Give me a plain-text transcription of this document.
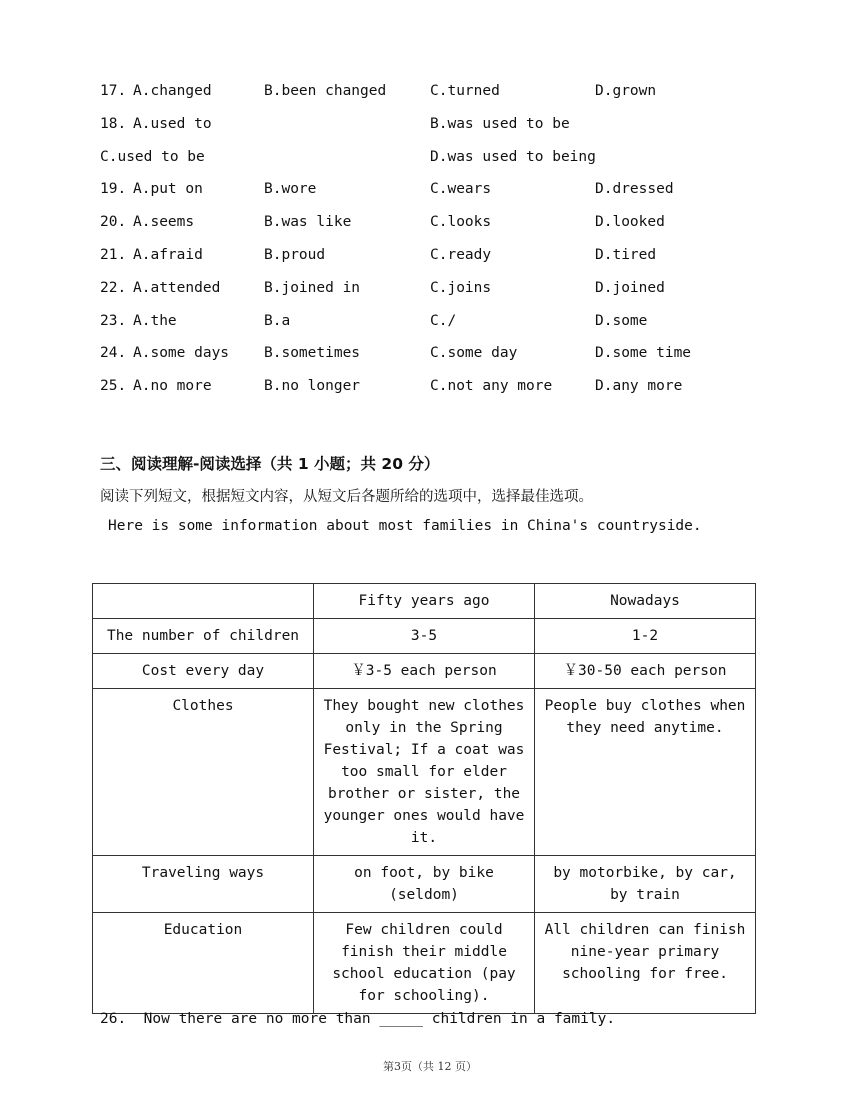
17. A.changed	B.been changed	C.turned	D.grown
18. A.used to	B.was used to be
C.used to be	D.was used to being
19. A.put on	B.wore	C.wears	D.dressed
20. A.seems	B.was like	C.looks	D.looked
21. A.afraid	B.proud	C.ready	D.tired
22. A.attended	B.joined in	C.joins	D.joined
23. A.the	B.a	C./	D.some
24. A.some days B.sometimes	C.some day	D.some time
25. A.no more	B.no longer	C.not any more	D.any more
三、阅读理解-阅读选择（共 1 小题；共 20 分）
阅读下列短文，根据短文内容，从短文后各题所给的选项中，选择最佳选项。
Here is some information about most families in China's countryside.
	Fifty years ago	Nowadays
The number of children	3-5	1-2
Cost every day	￥3-5 each person	￥30-50 each person
Clothes	They bought new clothes only in the Spring Festival; If a coat was too small for elder brother or sister, the younger ones would have it.	People buy clothes when they need anytime.
Traveling ways	on foot, by bike (seldom)	by motorbike, by car, by train
Education	Few children could finish their middle school education (pay for schooling).	All children can finish nine-year primary schooling for free.
26.  Now there are no more than _____ children in a family.
第3页（共 12 页）
